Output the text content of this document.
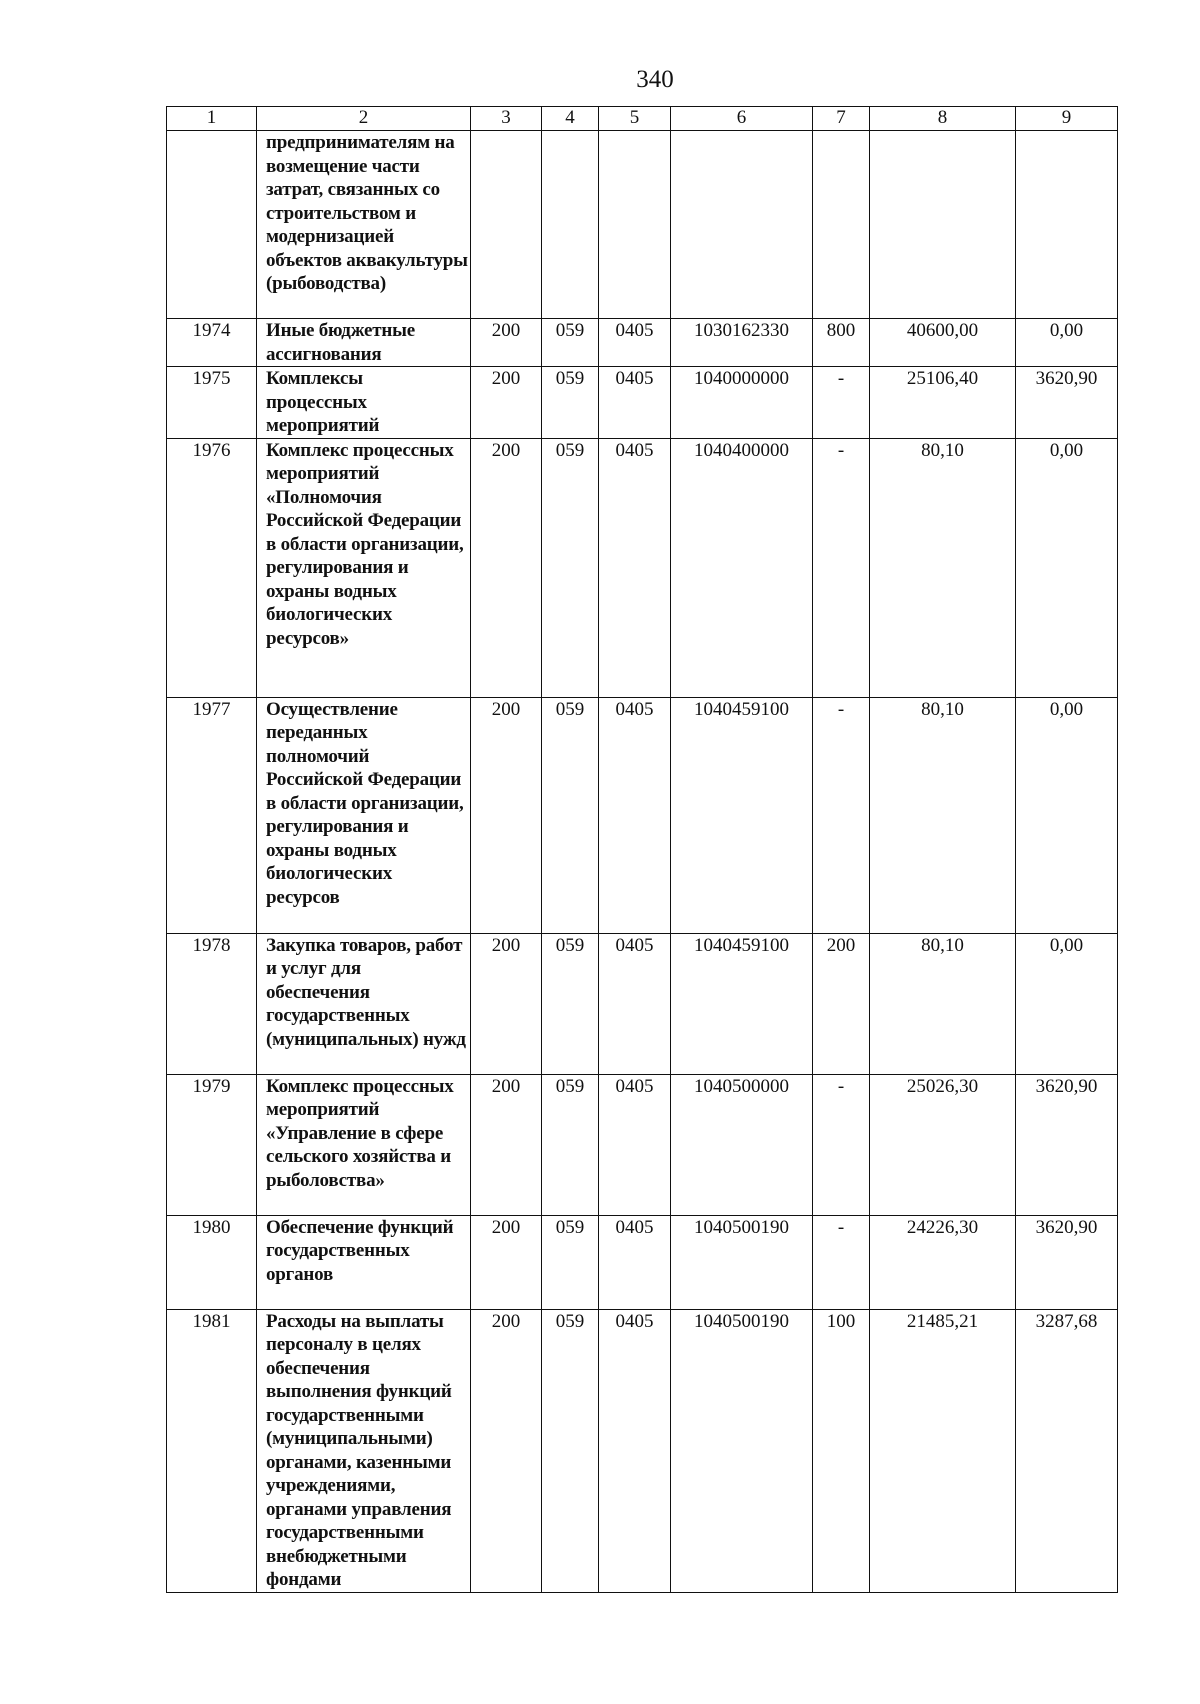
340
1	2	3	4	5	6	7	8	9
	предпринимателям на возмещение части затрат, связанных со строительством и модернизацией объектов аквакультуры (рыбоводства)							
1974	Иные бюджетные ассигнования	200	059	0405	1030162330	800	40600,00	0,00
1975	Комплексы процессных мероприятий	200	059	0405	1040000000	-	25106,40	3620,90
1976	Комплекс процессных мероприятий «Полномочия Российской Федерации в области организации, регулирования и охраны водных биологических ресурсов»	200	059	0405	1040400000	-	80,10	0,00
1977	Осуществление переданных полномочий Российской Федерации в области организации, регулирования и охраны водных биологических ресурсов	200	059	0405	1040459100	-	80,10	0,00
1978	Закупка товаров, работ и услуг для обеспечения государственных (муниципальных) нужд	200	059	0405	1040459100	200	80,10	0,00
1979	Комплекс процессных мероприятий «Управление в сфере сельского хозяйства и рыболовства»	200	059	0405	1040500000	-	25026,30	3620,90
1980	Обеспечение функций государственных органов	200	059	0405	1040500190	-	24226,30	3620,90
1981	Расходы на выплаты персоналу в целях обеспечения выполнения функций государственными (муниципальными) органами, казенными учреждениями, органами управления государственными внебюджетными фондами	200	059	0405	1040500190	100	21485,21	3287,68
